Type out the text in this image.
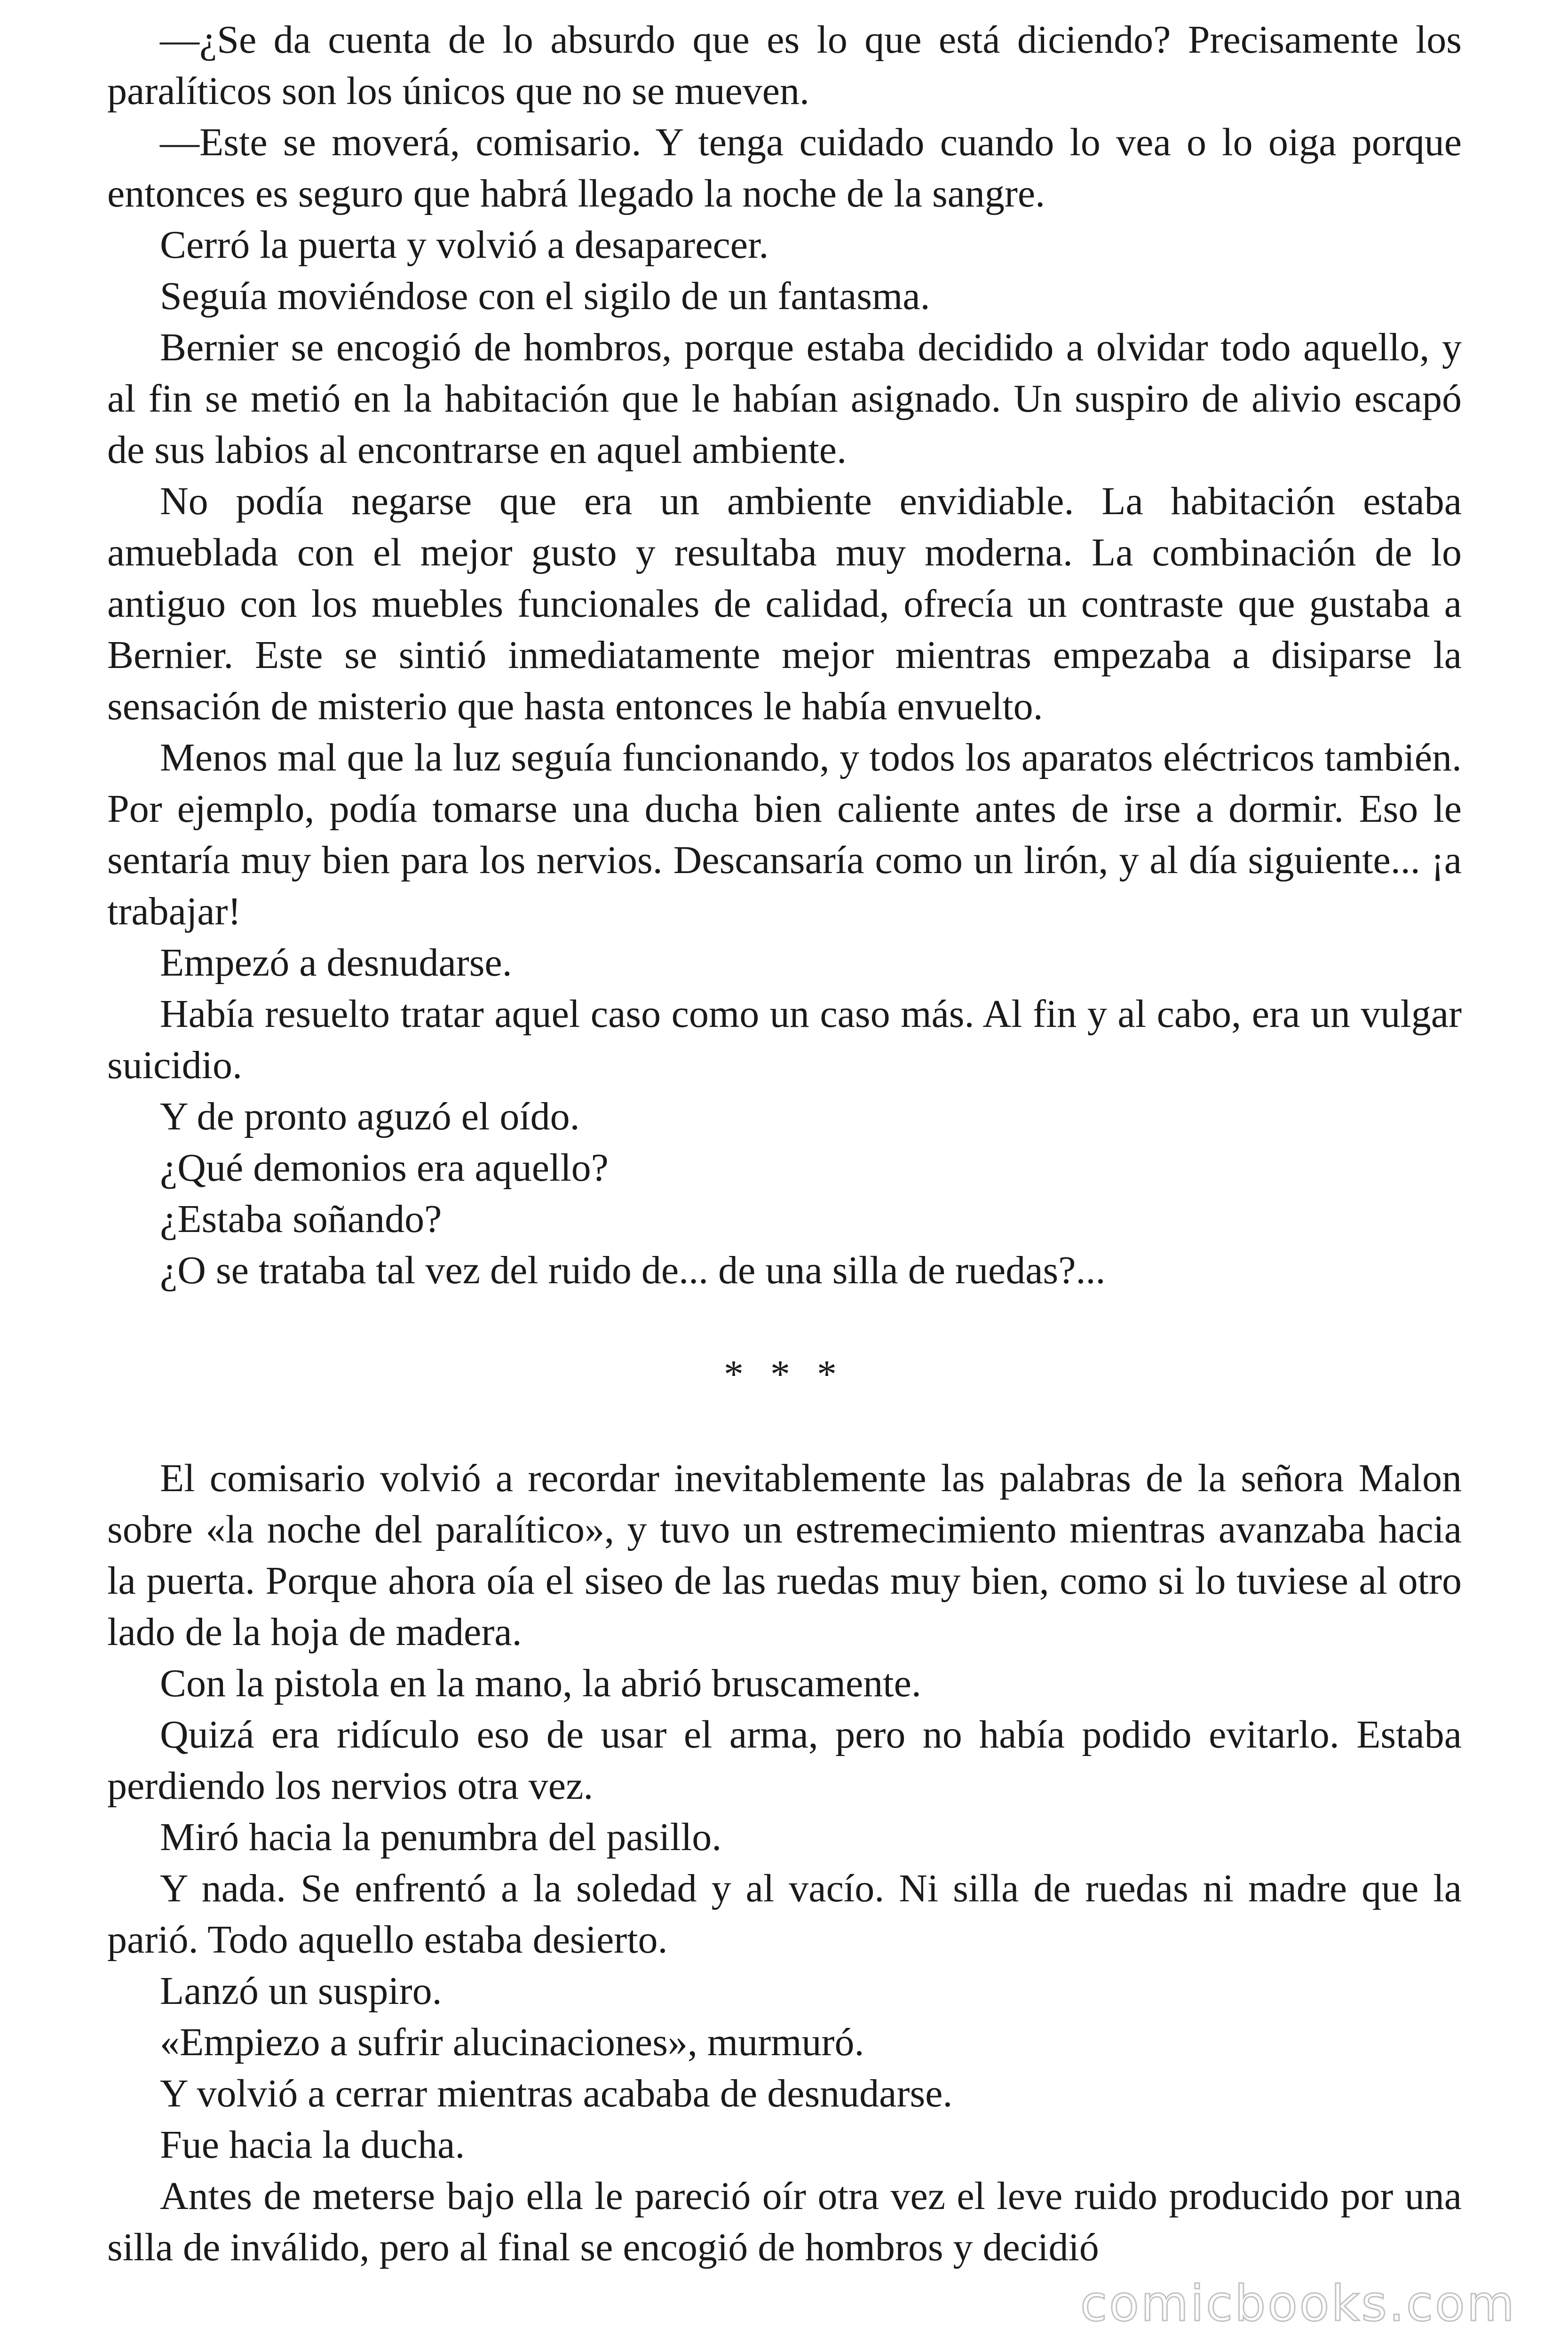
—¿Se da cuenta de lo absurdo que es lo que está diciendo? Precisamente los paralíticos son los únicos que no se mueven.

—Este se moverá, comisario. Y tenga cuidado cuando lo vea o lo oiga porque entonces es seguro que habrá llegado la noche de la sangre.

Cerró la puerta y volvió a desaparecer.

Seguía moviéndose con el sigilo de un fantasma.

Bernier se encogió de hombros, porque estaba decidido a olvidar todo aquello, y al fin se metió en la habitación que le habían asignado. Un suspiro de alivio escapó de sus labios al encontrarse en aquel ambiente.

No podía negarse que era un ambiente envidiable. La habitación estaba amueblada con el mejor gusto y resultaba muy moderna. La combinación de lo antiguo con los muebles funcionales de calidad, ofrecía un contraste que gustaba a Bernier. Este se sintió inmediatamente mejor mientras empezaba a disiparse la sensación de misterio que hasta entonces le había envuelto.

Menos mal que la luz seguía funcionando, y todos los aparatos eléctricos también. Por ejemplo, podía tomarse una ducha bien caliente antes de irse a dormir. Eso le sentaría muy bien para los nervios. Descansaría como un lirón, y al día siguiente... ¡a trabajar!

Empezó a desnudarse.

Había resuelto tratar aquel caso como un caso más. Al fin y al cabo, era un vulgar suicidio.

Y de pronto aguzó el oído.

¿Qué demonios era aquello?

¿Estaba soñando?

¿O se trataba tal vez del ruido de... de una silla de ruedas?...

* * *

El comisario volvió a recordar inevitablemente las palabras de la señora Malon sobre «la noche del paralítico», y tuvo un estremecimiento mientras avanzaba hacia la puerta. Porque ahora oía el siseo de las ruedas muy bien, como si lo tuviese al otro lado de la hoja de madera.

Con la pistola en la mano, la abrió bruscamente.

Quizá era ridículo eso de usar el arma, pero no había podido evitarlo. Estaba perdiendo los nervios otra vez.

Miró hacia la penumbra del pasillo.

Y nada. Se enfrentó a la soledad y al vacío. Ni silla de ruedas ni madre que la parió. Todo aquello estaba desierto.

Lanzó un suspiro.

«Empiezo a sufrir alucinaciones», murmuró.

Y volvió a cerrar mientras acababa de desnudarse.

Fue hacia la ducha.

Antes de meterse bajo ella le pareció oír otra vez el leve ruido producido por una silla de inválido, pero al final se encogió de hombros y decidió

comicbooks.com
